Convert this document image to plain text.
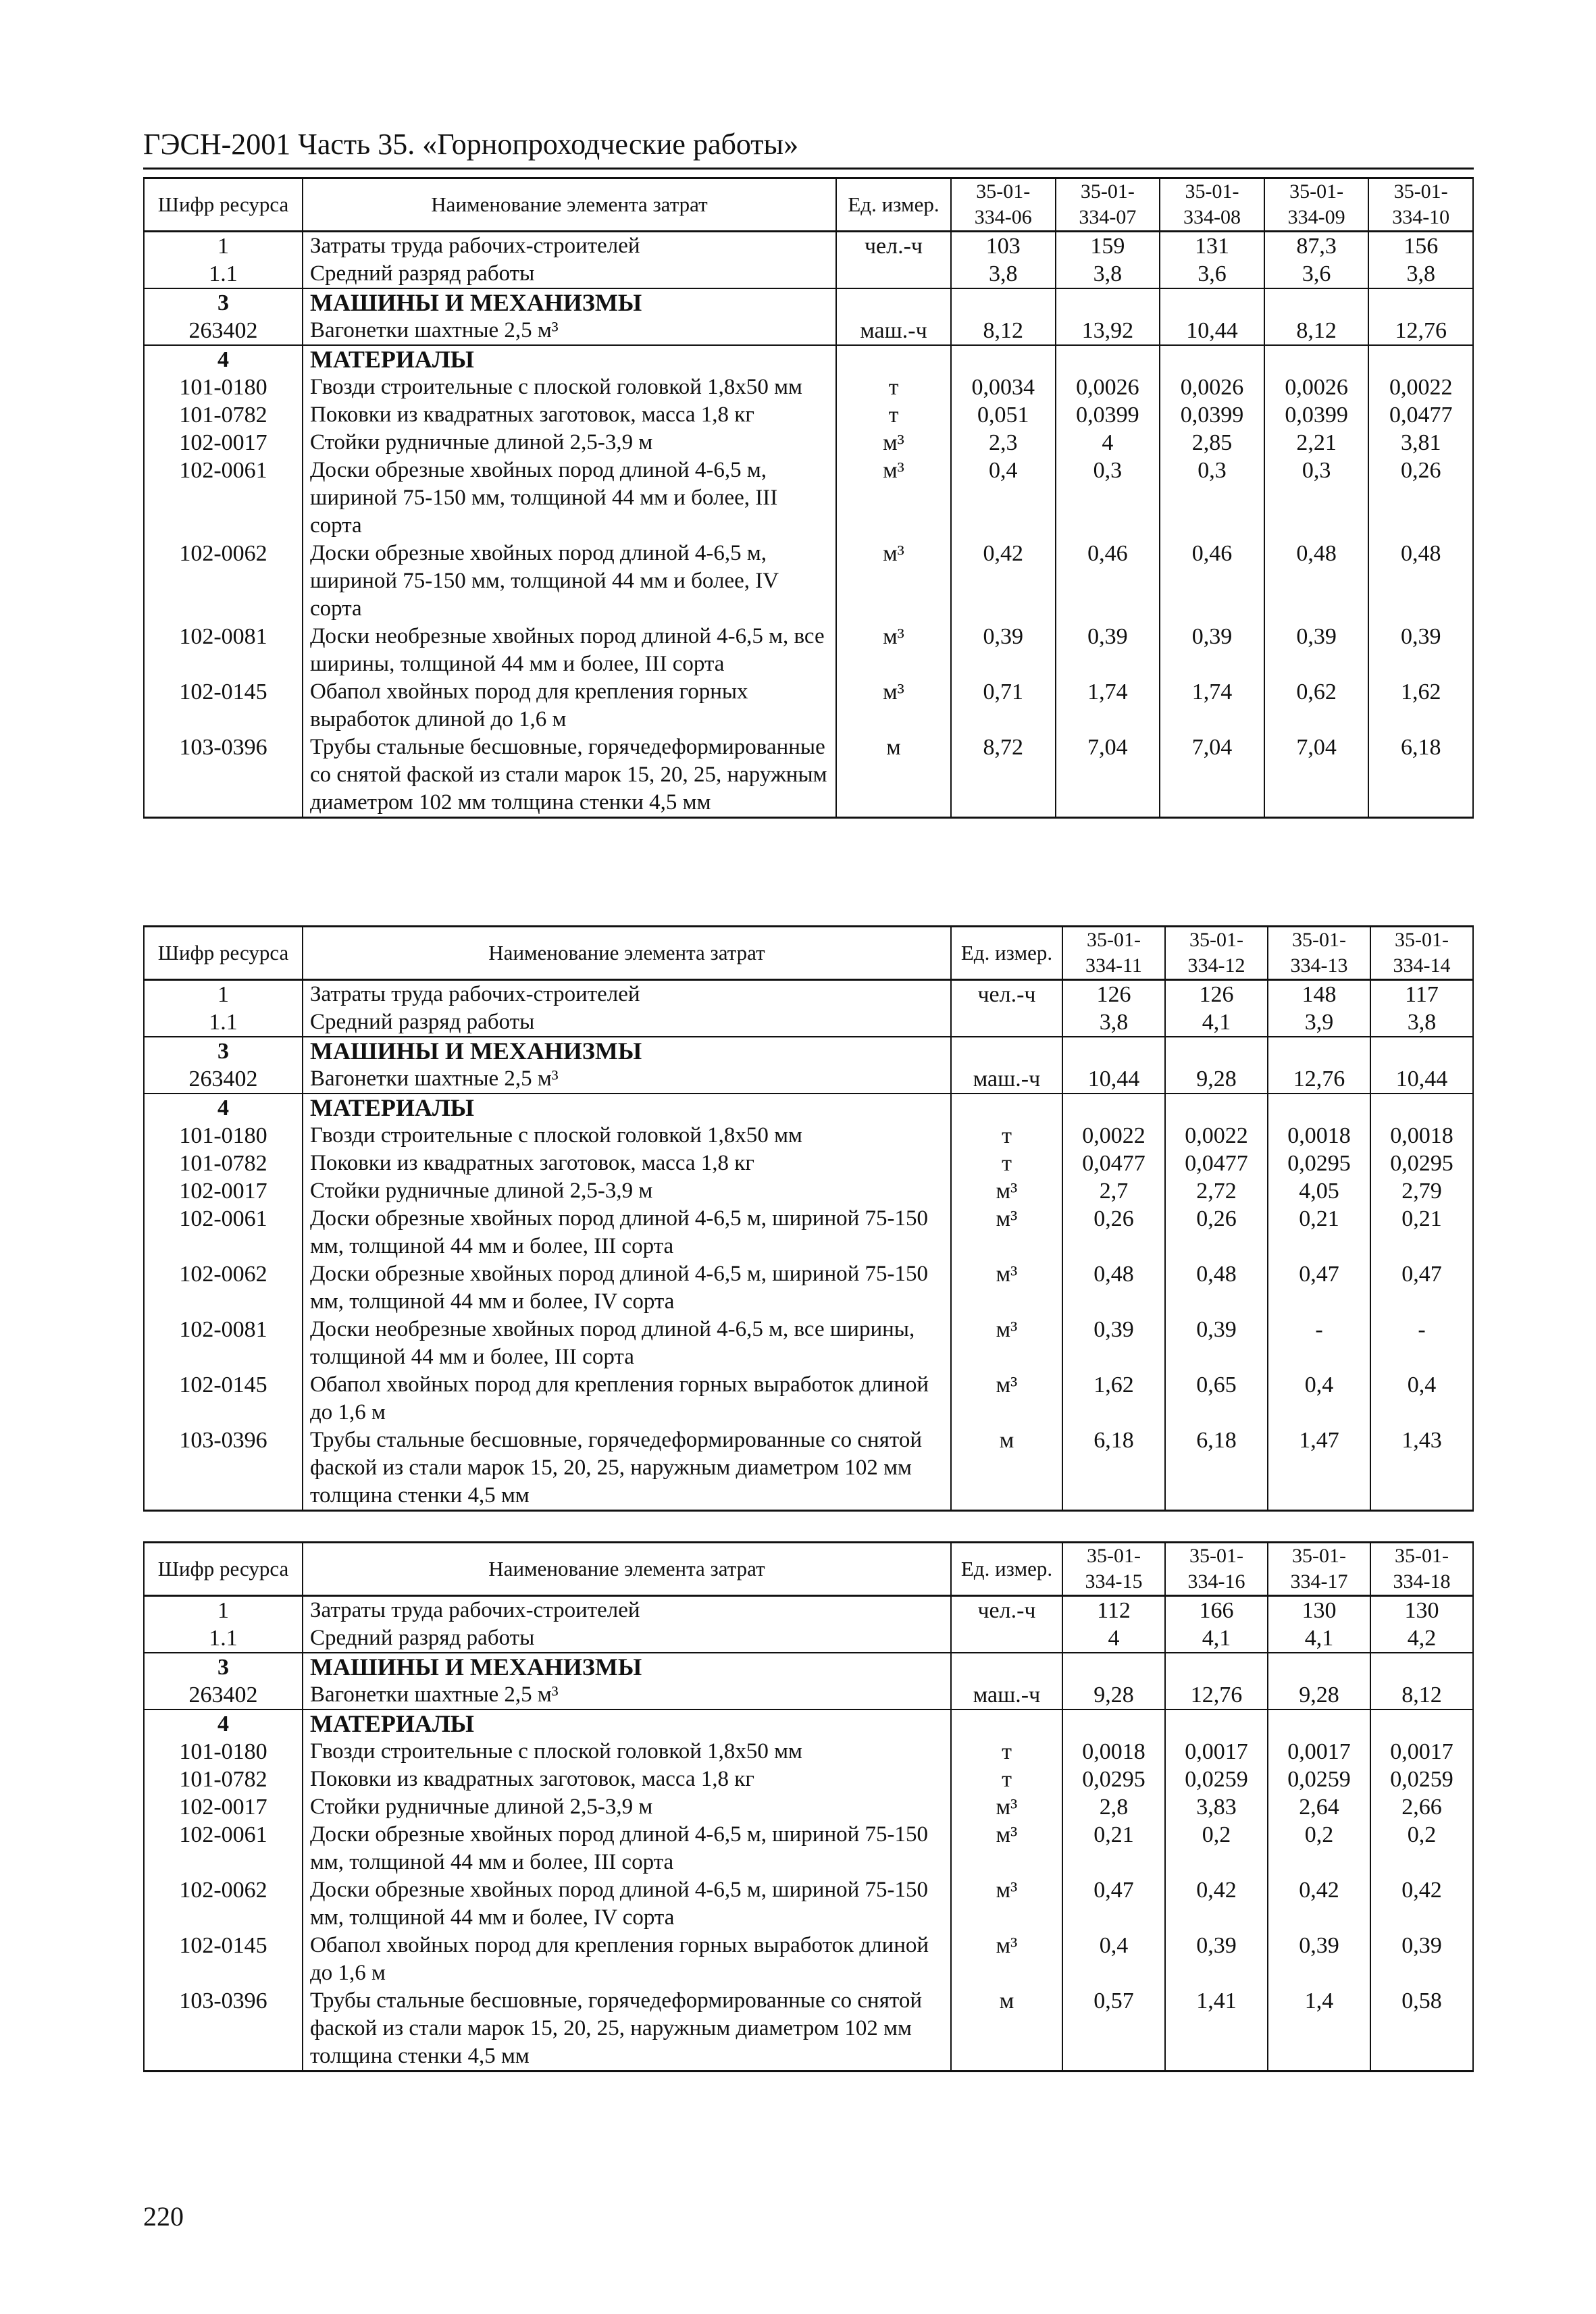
ГЭСН-2001 Часть 35. «Горнопроходческие работы»
Шифр ресурса	Наименование элемента затрат	Ед. измер.	35-01-334-06	35-01-334-07	35-01-334-08	35-01-334-09	35-01-334-10
1	Затраты труда рабочих-строителей	чел.-ч	103	159	131	87,3	156
1.1	Средний разряд работы		3,8	3,8	3,6	3,6	3,8
3	МАШИНЫ И МЕХАНИЗМЫ						
263402	Вагонетки шахтные 2,5 м³	маш.-ч	8,12	13,92	10,44	8,12	12,76
4	МАТЕРИАЛЫ						
101-0180	Гвозди строительные с плоской головкой 1,8х50 мм	т	0,0034	0,0026	0,0026	0,0026	0,0022
101-0782	Поковки из квадратных заготовок, масса 1,8 кг	т	0,051	0,0399	0,0399	0,0399	0,0477
102-0017	Стойки рудничные длиной 2,5-3,9 м	м³	2,3	4	2,85	2,21	3,81
102-0061	Доски обрезные хвойных пород длиной 4-6,5 м, шириной 75-150 мм, толщиной 44 мм и более, III сорта	м³	0,4	0,3	0,3	0,3	0,26
102-0062	Доски обрезные хвойных пород длиной 4-6,5 м, шириной 75-150 мм, толщиной 44 мм и более, IV сорта	м³	0,42	0,46	0,46	0,48	0,48
102-0081	Доски необрезные хвойных пород длиной 4-6,5 м, все ширины, толщиной 44 мм и более, III сорта	м³	0,39	0,39	0,39	0,39	0,39
102-0145	Обапол хвойных пород для крепления горных выработок длиной до 1,6 м	м³	0,71	1,74	1,74	0,62	1,62
103-0396	Трубы стальные бесшовные, горячедеформированные со снятой фаской из стали марок 15, 20, 25, наружным диаметром 102 мм толщина стенки 4,5 мм	м	8,72	7,04	7,04	7,04	6,18
Шифр ресурса	Наименование элемента затрат	Ед. измер.	35-01-334-11	35-01-334-12	35-01-334-13	35-01-334-14
1	Затраты труда рабочих-строителей	чел.-ч	126	126	148	117
1.1	Средний разряд работы		3,8	4,1	3,9	3,8
3	МАШИНЫ И МЕХАНИЗМЫ					
263402	Вагонетки шахтные 2,5 м³	маш.-ч	10,44	9,28	12,76	10,44
4	МАТЕРИАЛЫ					
101-0180	Гвозди строительные с плоской головкой 1,8х50 мм	т	0,0022	0,0022	0,0018	0,0018
101-0782	Поковки из квадратных заготовок, масса 1,8 кг	т	0,0477	0,0477	0,0295	0,0295
102-0017	Стойки рудничные длиной 2,5-3,9 м	м³	2,7	2,72	4,05	2,79
102-0061	Доски обрезные хвойных пород длиной 4-6,5 м, шириной 75-150 мм, толщиной 44 мм и более, III сорта	м³	0,26	0,26	0,21	0,21
102-0062	Доски обрезные хвойных пород длиной 4-6,5 м, шириной 75-150 мм, толщиной 44 мм и более, IV сорта	м³	0,48	0,48	0,47	0,47
102-0081	Доски необрезные хвойных пород длиной 4-6,5 м, все ширины, толщиной 44 мм и более, III сорта	м³	0,39	0,39	-	-
102-0145	Обапол хвойных пород для крепления горных выработок длиной до 1,6 м	м³	1,62	0,65	0,4	0,4
103-0396	Трубы стальные бесшовные, горячедеформированные со снятой фаской из стали марок 15, 20, 25, наружным диаметром 102 мм толщина стенки 4,5 мм	м	6,18	6,18	1,47	1,43
Шифр ресурса	Наименование элемента затрат	Ед. измер.	35-01-334-15	35-01-334-16	35-01-334-17	35-01-334-18
1	Затраты труда рабочих-строителей	чел.-ч	112	166	130	130
1.1	Средний разряд работы		4	4,1	4,1	4,2
3	МАШИНЫ И МЕХАНИЗМЫ					
263402	Вагонетки шахтные 2,5 м³	маш.-ч	9,28	12,76	9,28	8,12
4	МАТЕРИАЛЫ					
101-0180	Гвозди строительные с плоской головкой 1,8х50 мм	т	0,0018	0,0017	0,0017	0,0017
101-0782	Поковки из квадратных заготовок, масса 1,8 кг	т	0,0295	0,0259	0,0259	0,0259
102-0017	Стойки рудничные длиной 2,5-3,9 м	м³	2,8	3,83	2,64	2,66
102-0061	Доски обрезные хвойных пород длиной 4-6,5 м, шириной 75-150 мм, толщиной 44 мм и более, III сорта	м³	0,21	0,2	0,2	0,2
102-0062	Доски обрезные хвойных пород длиной 4-6,5 м, шириной 75-150 мм, толщиной 44 мм и более, IV сорта	м³	0,47	0,42	0,42	0,42
102-0145	Обапол хвойных пород для крепления горных выработок длиной до 1,6 м	м³	0,4	0,39	0,39	0,39
103-0396	Трубы стальные бесшовные, горячедеформированные со снятой фаской из стали марок 15, 20, 25, наружным диаметром 102 мм толщина стенки 4,5 мм	м	0,57	1,41	1,4	0,58
220
